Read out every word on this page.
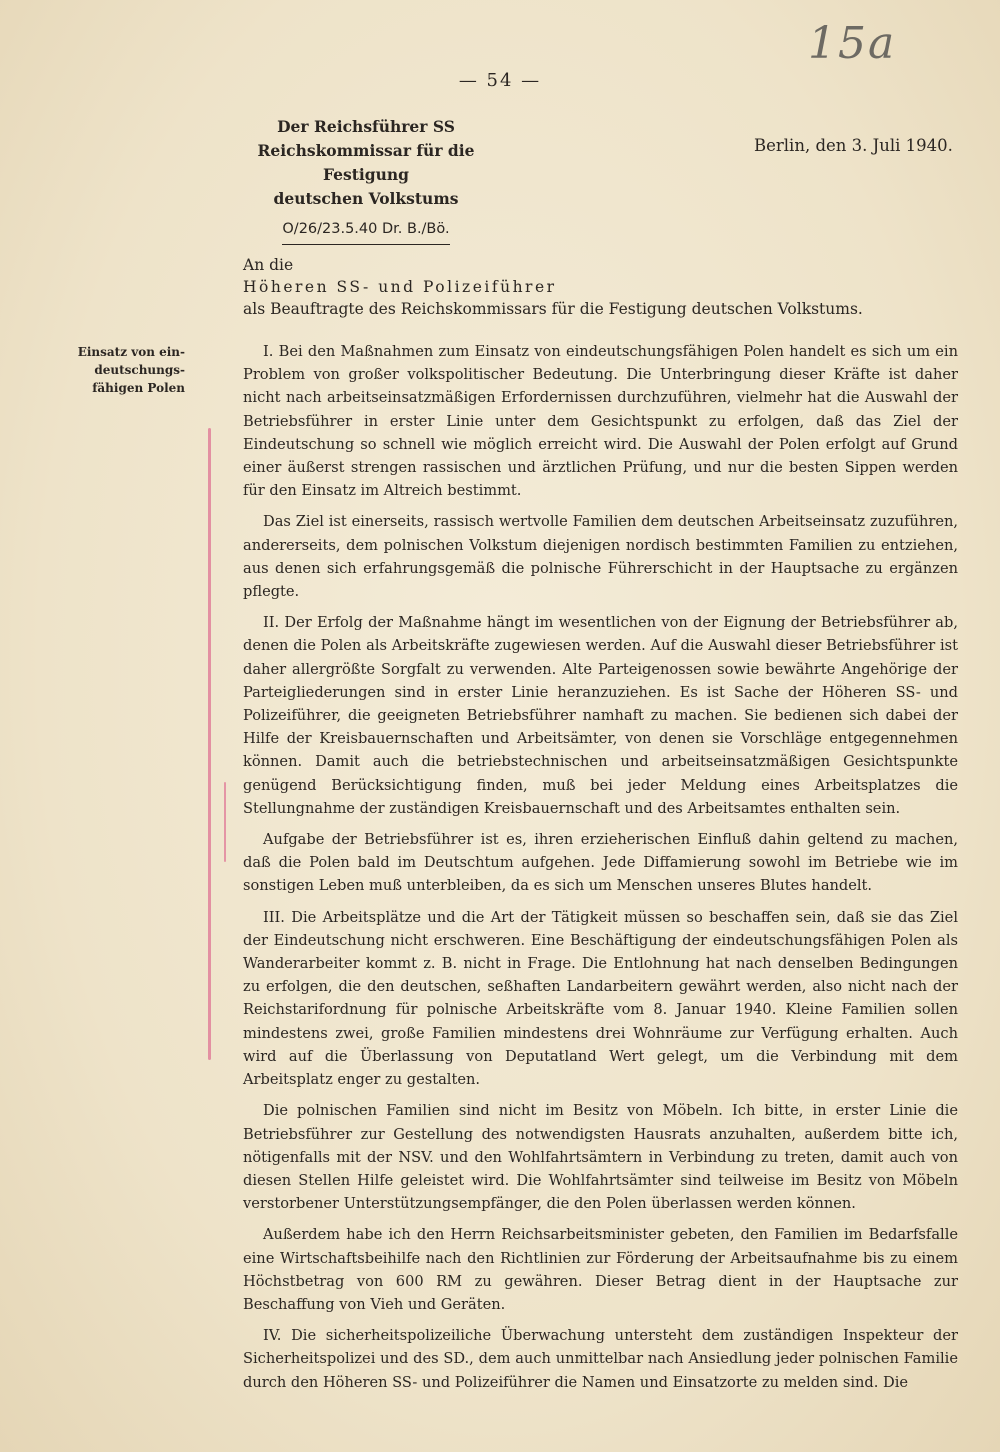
15a
— 54 —
Der Reichsführer SS
Reichskommissar für die Festigung
deutschen Volkstums
O/26/23.5.40 Dr. B./Bö.
Berlin, den 3. Juli 1940.
An die
Höheren SS- und Polizeiführer
als Beauftragte des Reichskommissars für die Festigung deutschen Volkstums.
Einsatz von ein-
deutschungs-
fähigen Polen

I. Bei den Maßnahmen zum Einsatz von eindeutschungsfähigen Polen handelt es sich um ein Problem von großer volkspolitischer Bedeutung. Die Unterbringung dieser Kräfte ist daher nicht nach arbeitseinsatzmäßigen Erfordernissen durchzuführen, vielmehr hat die Auswahl der Betriebsführer in erster Linie unter dem Gesichtspunkt zu erfolgen, daß das Ziel der Eindeutschung so schnell wie möglich erreicht wird. Die Auswahl der Polen erfolgt auf Grund einer äußerst strengen rassischen und ärztlichen Prüfung, und nur die besten Sippen werden für den Einsatz im Altreich bestimmt.

Das Ziel ist einerseits, rassisch wertvolle Familien dem deutschen Arbeitseinsatz zuzuführen, andererseits, dem polnischen Volkstum diejenigen nordisch bestimmten Familien zu entziehen, aus denen sich erfahrungsgemäß die polnische Führerschicht in der Hauptsache zu ergänzen pflegte.

II. Der Erfolg der Maßnahme hängt im wesentlichen von der Eignung der Betriebsführer ab, denen die Polen als Arbeitskräfte zugewiesen werden. Auf die Auswahl dieser Betriebsführer ist daher allergrößte Sorgfalt zu verwenden. Alte Parteigenossen sowie bewährte Angehörige der Parteigliederungen sind in erster Linie heranzuziehen. Es ist Sache der Höheren SS- und Polizeiführer, die geeigneten Betriebsführer namhaft zu machen. Sie bedienen sich dabei der Hilfe der Kreisbauernschaften und Arbeitsämter, von denen sie Vorschläge entgegennehmen können. Damit auch die betriebstechnischen und arbeitseinsatzmäßigen Gesichtspunkte genügend Berücksichtigung finden, muß bei jeder Meldung eines Arbeitsplatzes die Stellungnahme der zuständigen Kreisbauernschaft und des Arbeitsamtes enthalten sein.

Aufgabe der Betriebsführer ist es, ihren erzieherischen Einfluß dahin geltend zu machen, daß die Polen bald im Deutschtum aufgehen. Jede Diffamierung sowohl im Betriebe wie im sonstigen Leben muß unterbleiben, da es sich um Menschen unseres Blutes handelt.

III. Die Arbeitsplätze und die Art der Tätigkeit müssen so beschaffen sein, daß sie das Ziel der Eindeutschung nicht erschweren. Eine Beschäftigung der eindeutschungsfähigen Polen als Wanderarbeiter kommt z. B. nicht in Frage. Die Entlohnung hat nach denselben Bedingungen zu erfolgen, die den deutschen, seßhaften Landarbeitern gewährt werden, also nicht nach der Reichstarifordnung für polnische Arbeitskräfte vom 8. Januar 1940. Kleine Familien sollen mindestens zwei, große Familien mindestens drei Wohnräume zur Verfügung erhalten. Auch wird auf die Überlassung von Deputatland Wert gelegt, um die Verbindung mit dem Arbeitsplatz enger zu gestalten.

Die polnischen Familien sind nicht im Besitz von Möbeln. Ich bitte, in erster Linie die Betriebsführer zur Gestellung des notwendigsten Hausrats anzuhalten, außerdem bitte ich, nötigenfalls mit der NSV. und den Wohlfahrtsämtern in Verbindung zu treten, damit auch von diesen Stellen Hilfe geleistet wird. Die Wohlfahrtsämter sind teilweise im Besitz von Möbeln verstorbener Unterstützungsempfänger, die den Polen überlassen werden können.

Außerdem habe ich den Herrn Reichsarbeitsminister gebeten, den Familien im Bedarfsfalle eine Wirtschaftsbeihilfe nach den Richtlinien zur Förderung der Arbeitsaufnahme bis zu einem Höchstbetrag von 600 RM zu gewähren. Dieser Betrag dient in der Hauptsache zur Beschaffung von Vieh und Geräten.

IV. Die sicherheitspolizeiliche Überwachung untersteht dem zuständigen Inspekteur der Sicherheitspolizei und des SD., dem auch unmittelbar nach Ansiedlung jeder polnischen Familie durch den Höheren SS- und Polizeiführer die Namen und Einsatzorte zu melden sind. Die
